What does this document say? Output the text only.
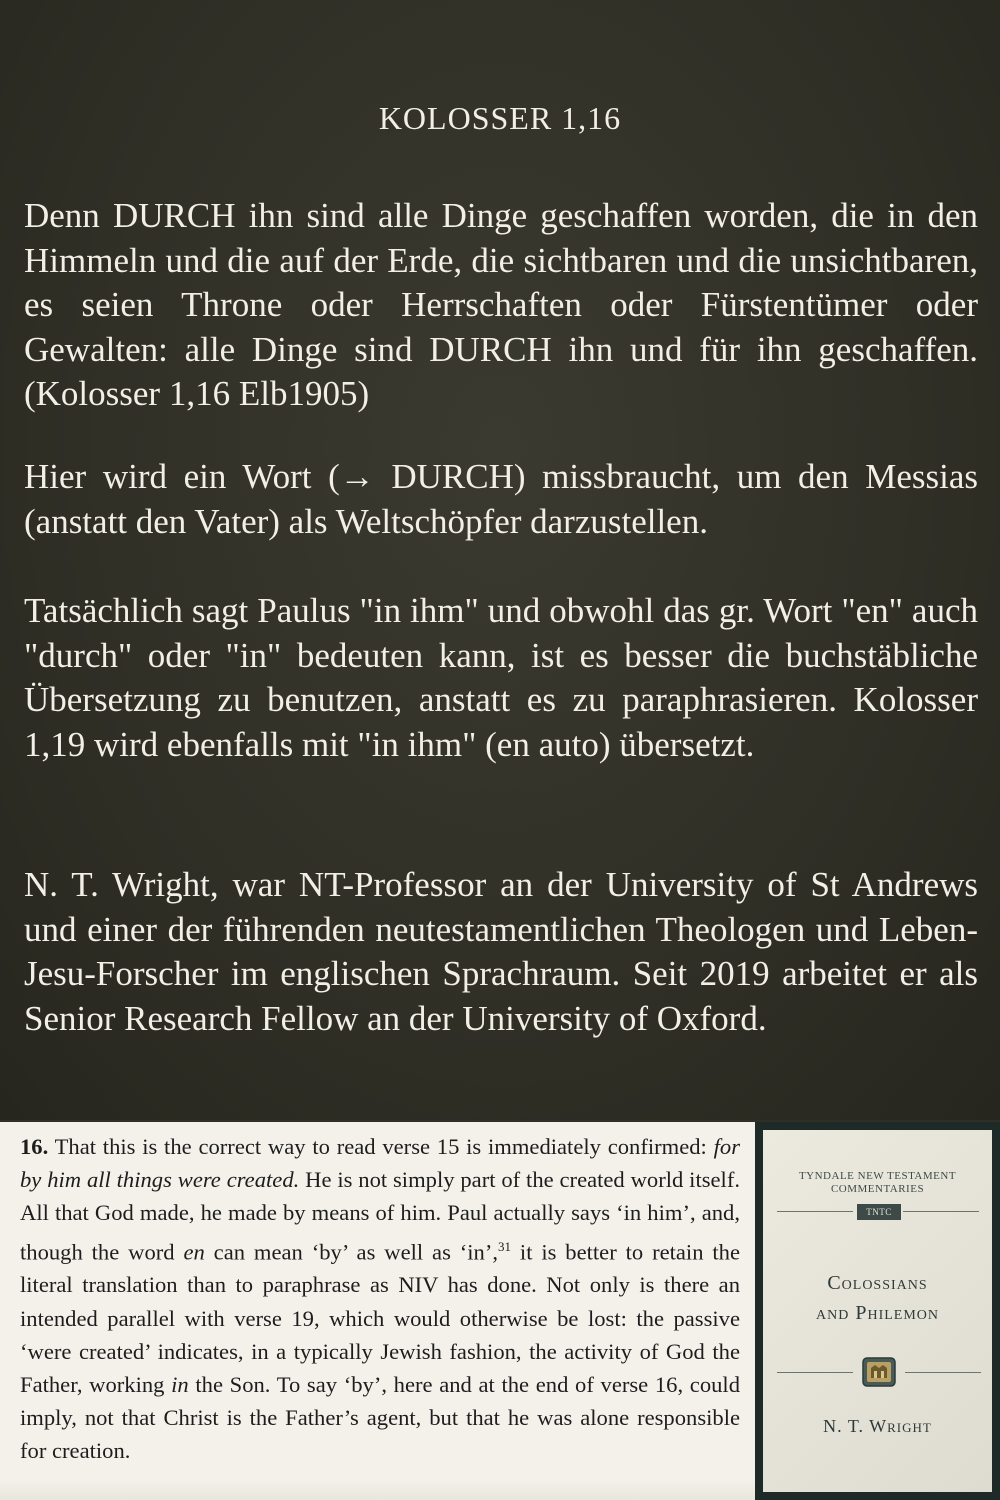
KOLOSSER 1,16

Denn DURCH ihn sind alle Dinge geschaffen worden, die in den Himmeln und die auf der Erde, die sichtbaren und die unsichtbaren, es seien Throne oder Herrschaften oder Fürstentümer oder Gewalten: alle Dinge sind DURCH ihn und für ihn geschaffen. (Kolosser 1,16 Elb1905)

Hier wird ein Wort (→ DURCH) missbraucht, um den Messias (anstatt den Vater) als Weltschöpfer darzustellen.

Tatsächlich sagt Paulus "in ihm" und obwohl das gr. Wort "en" auch "durch" oder "in" bedeuten kann, ist es besser die buchstäbliche Übersetzung zu benutzen, anstatt es zu paraphrasieren. Kolosser 1,19 wird ebenfalls mit "in ihm" (en auto) übersetzt.

N. T. Wright, war NT-Professor an der University of St Andrews und einer der führenden neutestamentlichen Theologen und Leben-Jesu-Forscher im englischen Sprachraum. Seit 2019 arbeitet er als Senior Research Fellow an der University of Oxford.

16. That this is the correct way to read verse 15 is immediately confirmed: for by him all things were created. He is not simply part of the created world itself. All that God made, he made by means of him. Paul actually says ‘in him’, and, though the word en can mean ‘by’ as well as ‘in’,$^{31}$ it is better to retain the literal translation than to paraphrase as NIV has done. Not only is there an intended parallel with verse 19, which would otherwise be lost: the passive ‘were created’ indicates, in a typically Jewish fashion, the activity of God the Father, working in the Son. To say ‘by’, here and at the end of verse 16, could imply, not that Christ is the Father’s agent, but that he was alone responsible for creation.

TYNDALE NEW TESTAMENT
COMMENTARIES
TNTC
Colossians
and Philemon
N. T. Wright
